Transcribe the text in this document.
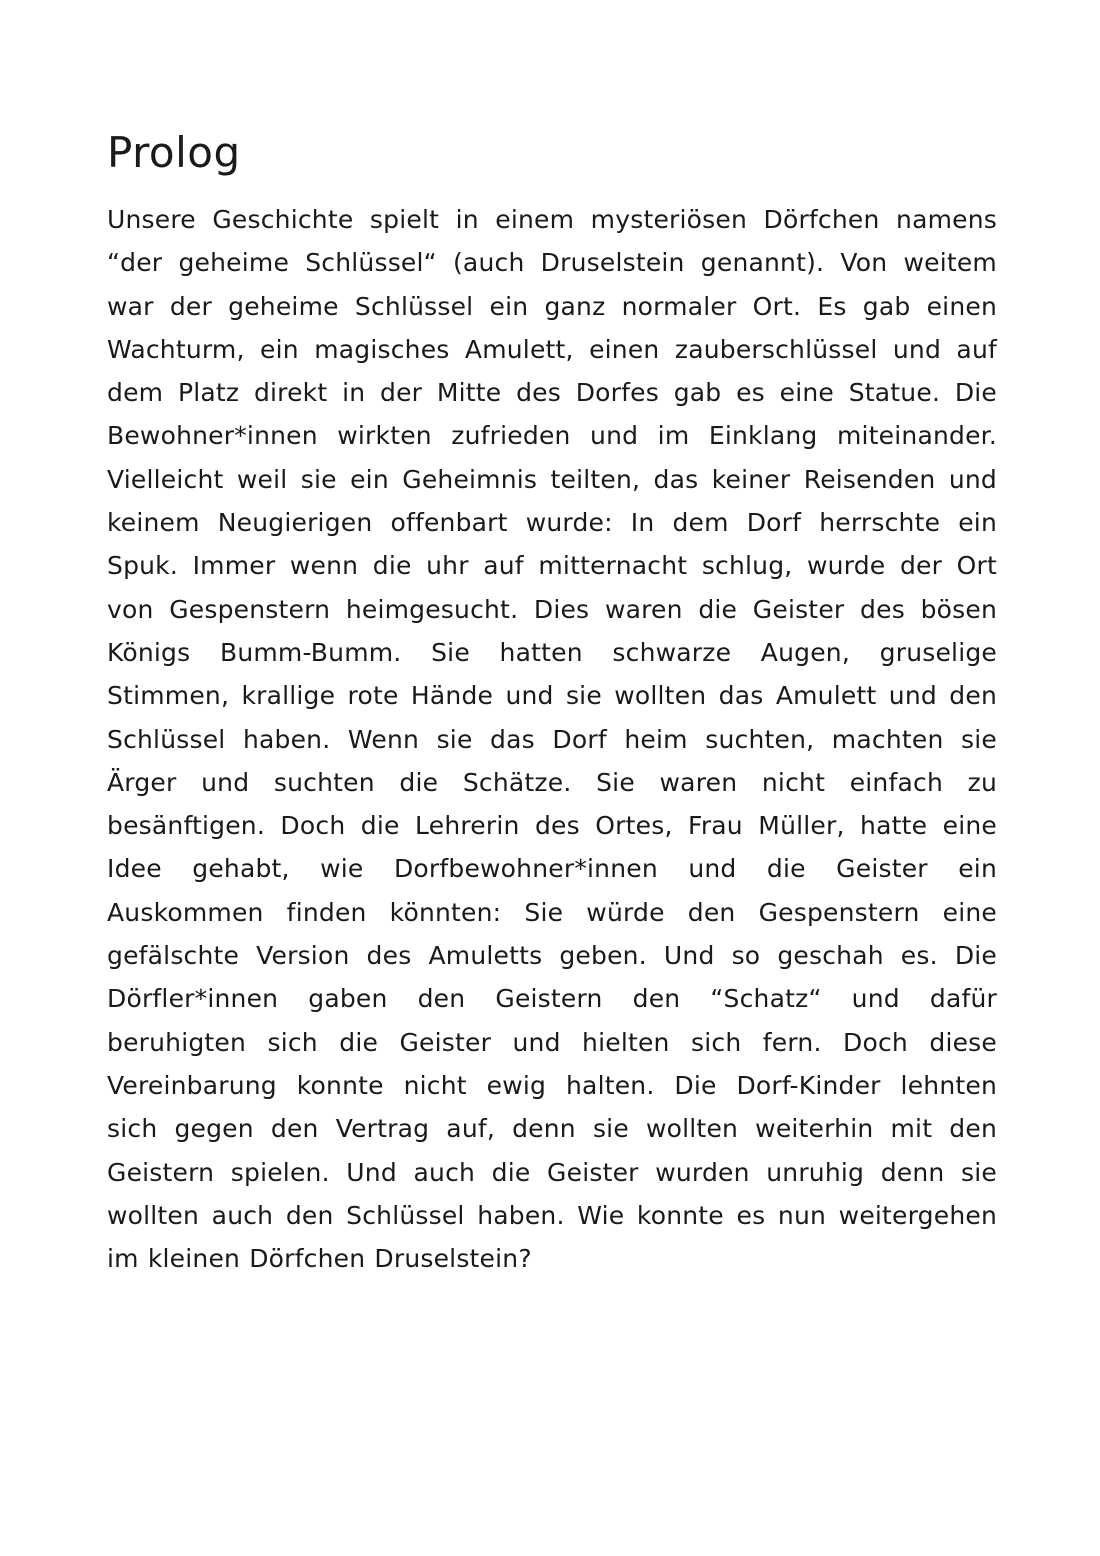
Prolog
Unsere Geschichte spielt in einem mysteriösen Dörfchen namens
“der geheime Schlüssel“ (auch Druselstein genannt). Von weitem
war der geheime Schlüssel ein ganz normaler Ort. Es gab einen
Wachturm, ein magisches Amulett, einen zauberschlüssel und auf
dem Platz direkt in der Mitte des Dorfes gab es eine Statue. Die
Bewohner*innen wirkten zufrieden und im Einklang miteinander.
Vielleicht weil sie ein Geheimnis teilten, das keiner Reisenden und
keinem Neugierigen offenbart wurde: In dem Dorf herrschte ein
Spuk. Immer wenn die uhr auf mitternacht schlug, wurde der Ort
von Gespenstern heimgesucht. Dies waren die Geister des bösen
Königs Bumm-Bumm. Sie hatten schwarze Augen, gruselige
Stimmen, krallige rote Hände und sie wollten das Amulett und den
Schlüssel haben. Wenn sie das Dorf heim suchten, machten sie
Ärger und suchten die Schätze. Sie waren nicht einfach zu
besänftigen. Doch die Lehrerin des Ortes, Frau Müller, hatte eine
Idee gehabt, wie Dorfbewohner*innen und die Geister ein
Auskommen finden könnten: Sie würde den Gespenstern eine
gefälschte Version des Amuletts geben. Und so geschah es. Die
Dörfler*innen gaben den Geistern den “Schatz“ und dafür
beruhigten sich die Geister und hielten sich fern. Doch diese
Vereinbarung konnte nicht ewig halten. Die Dorf-Kinder lehnten
sich gegen den Vertrag auf, denn sie wollten weiterhin mit den
Geistern spielen. Und auch die Geister wurden unruhig denn sie
wollten auch den Schlüssel haben. Wie konnte es nun weitergehen
im kleinen Dörfchen Druselstein?
